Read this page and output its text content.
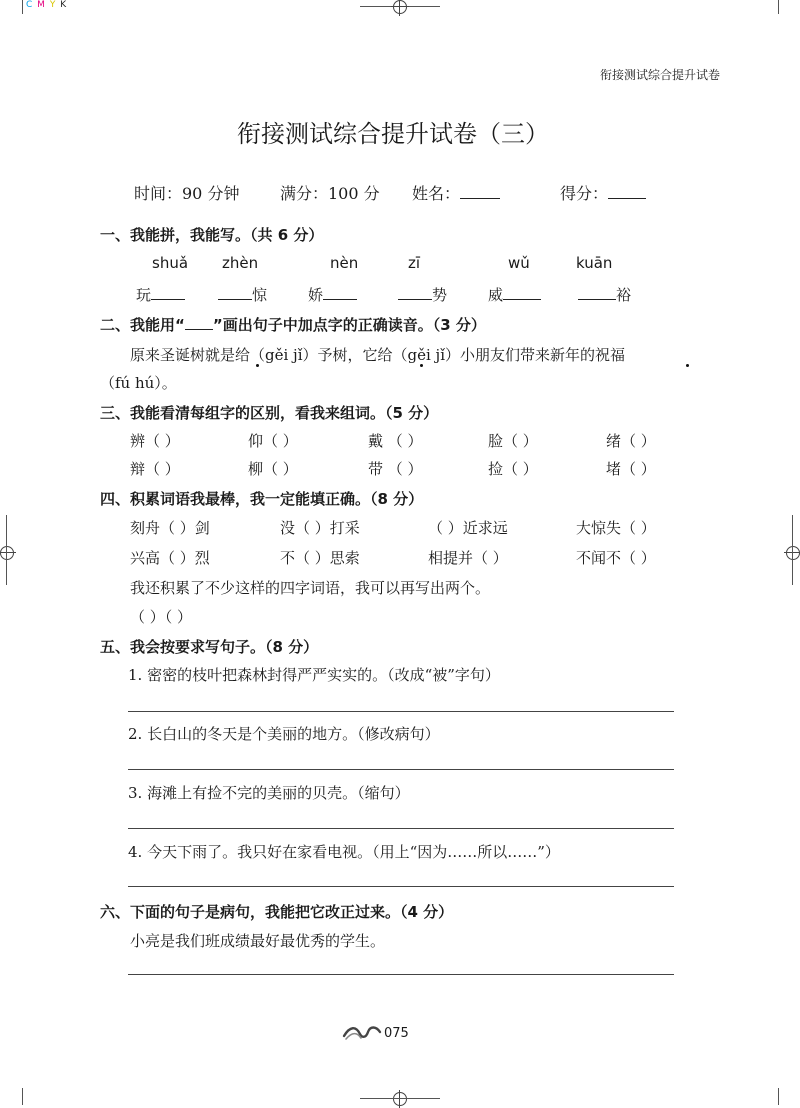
C M Y K
衔接测试综合提升试卷
衔接测试综合提升试卷（三）
时间：90 分钟	满分：100 分 姓名：	得分：
一、我能拼，我能写。（共 6 分）
shuǎ zhèn	nèn	zī	wǔ	kuān
玩	惊	娇	势	威	裕
二、我能用“ ”画出句子中加点字的正确读音。（3 分）
原来圣诞树就是给（gěi jǐ）予树，它给（gěi jǐ）小朋友们带来新年的祝福
（fú hú）。
三、我能看清每组字的区别，看我来组词。（5 分）
辨（ ）	仰（ ）	戴 （ ）	脸（ ）	绪（ ）
辩（ ）	柳（ ）	带 （ ）	捡（ ）	堵（ ）
四、积累词语我最棒，我一定能填正确。（8 分）
刻舟（ ）剑	没（ ）打采	（ ）近求远	大惊失（ ）
兴高（ ）烈	不（ ）思索	相提并（ ）	不闻不（ ）
我还积累了不少这样的四字词语，我可以再写出两个。
（ ）（ ）
五、我会按要求写句子。（8 分）
1. 密密的枝叶把森林封得严严实实的。（改成“被”字句）
2. 长白山的冬天是个美丽的地方。（修改病句）
3. 海滩上有捡不完的美丽的贝壳。（缩句）
4. 今天下雨了。我只好在家看电视。（用上“因为……所以……”）
六、下面的句子是病句，我能把它改正过来。（4 分）
小亮是我们班成绩最好最优秀的学生。
075
